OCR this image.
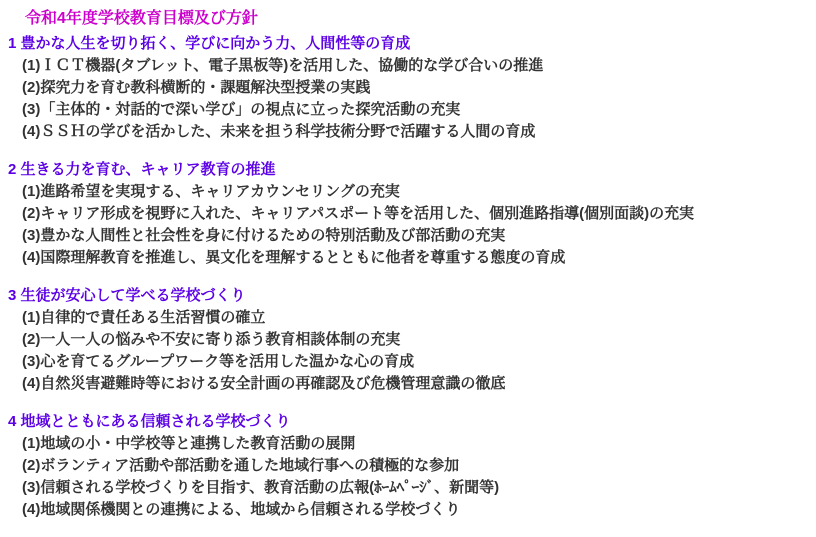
令和4年度学校教育目標及び方針
1 豊かな人生を切り拓く、学びに向かう力、人間性等の育成

(1)ＩＣＴ機器(タブレット、電子黒板等)を活用した、協働的な学び合いの推進

(2)探究力を育む教科横断的・課題解決型授業の実践

(3)「主体的・対話的で深い学び」の視点に立った探究活動の充実

(4)ＳＳＨの学びを活かした、未来を担う科学技術分野で活躍する人間の育成

2 生きる力を育む、キャリア教育の推進

(1)進路希望を実現する、キャリアカウンセリングの充実

(2)キャリア形成を視野に入れた、キャリアパスポート等を活用した、個別進路指導(個別面談)の充実

(3)豊かな人間性と社会性を身に付けるための特別活動及び部活動の充実

(4)国際理解教育を推進し、異文化を理解するとともに他者を尊重する態度の育成

3 生徒が安心して学べる学校づくり

(1)自律的で責任ある生活習慣の確立

(2)一人一人の悩みや不安に寄り添う教育相談体制の充実

(3)心を育てるグループワーク等を活用した温かな心の育成

(4)自然災害避難時等における安全計画の再確認及び危機管理意識の徹底

4 地域とともにある信頼される学校づくり

(1)地域の小・中学校等と連携した教育活動の展開

(2)ボランティア活動や部活動を通した地域行事への積極的な参加

(3)信頼される学校づくりを目指す、教育活動の広報(ﾎｰﾑﾍﾟｰｼﾞ、新聞等)

(4)地域関係機関との連携による、地域から信頼される学校づくり
